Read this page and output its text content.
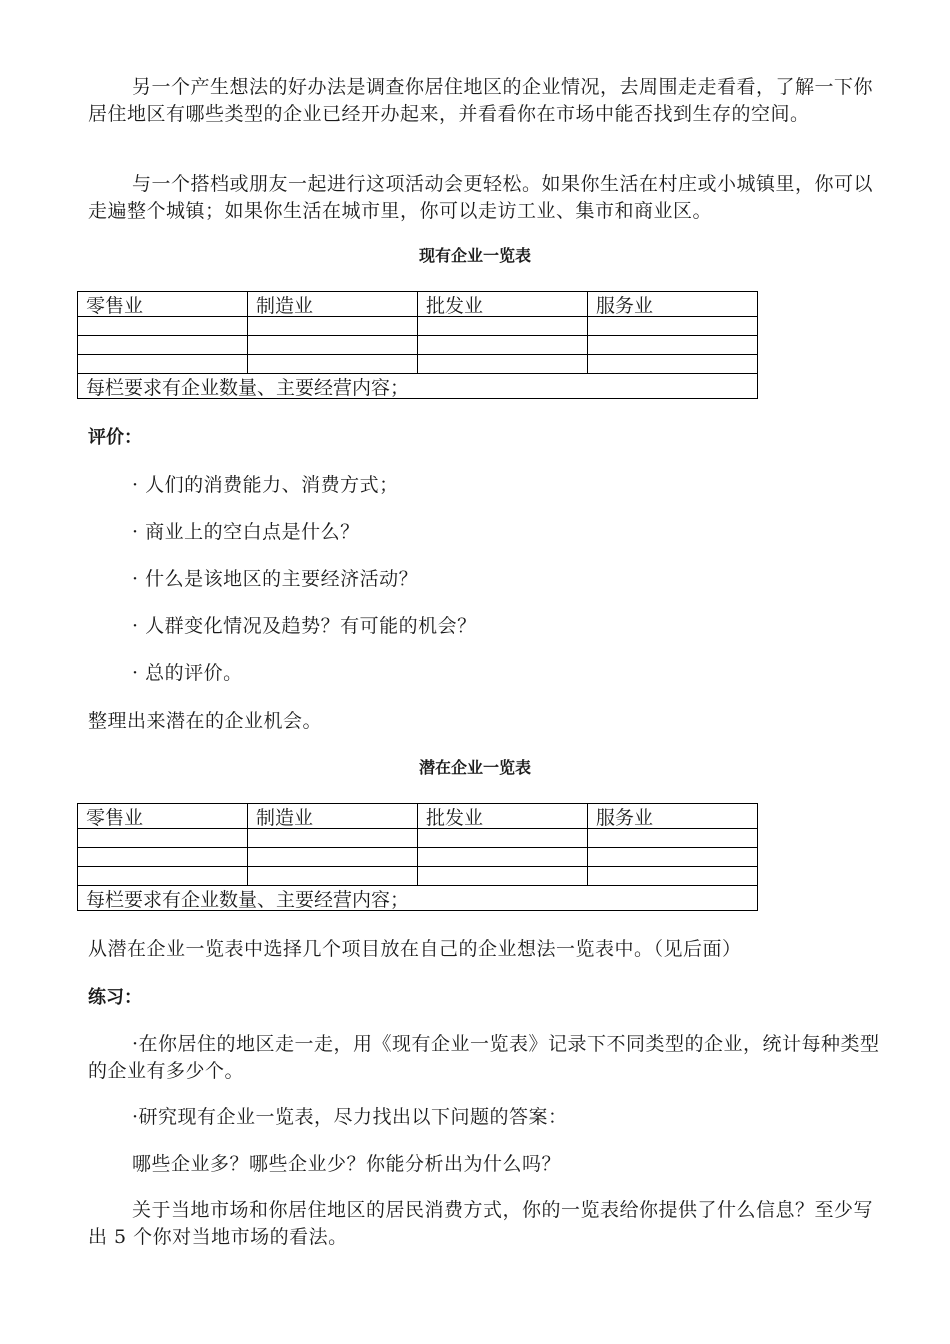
另一个产生想法的好办法是调查你居住地区的企业情况，去周围走走看看，了解一下你居住地区有哪些类型的企业已经开办起来，并看看你在市场中能否找到生存的空间。
与一个搭档或朋友一起进行这项活动会更轻松。如果你生活在村庄或小城镇里，你可以走遍整个城镇；如果你生活在城市里，你可以走访工业、集市和商业区。
现有企业一览表
零售业	制造业	批发业	服务业

每栏要求有企业数量、主要经营内容；			
评价：
· 人们的消费能力、消费方式；
· 商业上的空白点是什么？
· 什么是该地区的主要经济活动？
· 人群变化情况及趋势？有可能的机会？
· 总的评价。
整理出来潜在的企业机会。
潜在企业一览表
零售业	制造业	批发业	服务业

每栏要求有企业数量、主要经营内容；			
从潜在企业一览表中选择几个项目放在自己的企业想法一览表中。（见后面）
练习：
·在你居住的地区走一走，用《现有企业一览表》记录下不同类型的企业，统计每种类型的企业有多少个。
·研究现有企业一览表，尽力找出以下问题的答案：
哪些企业多？哪些企业少？你能分析出为什么吗？
关于当地市场和你居住地区的居民消费方式，你的一览表给你提供了什么信息？至少写出 5 个你对当地市场的看法。
